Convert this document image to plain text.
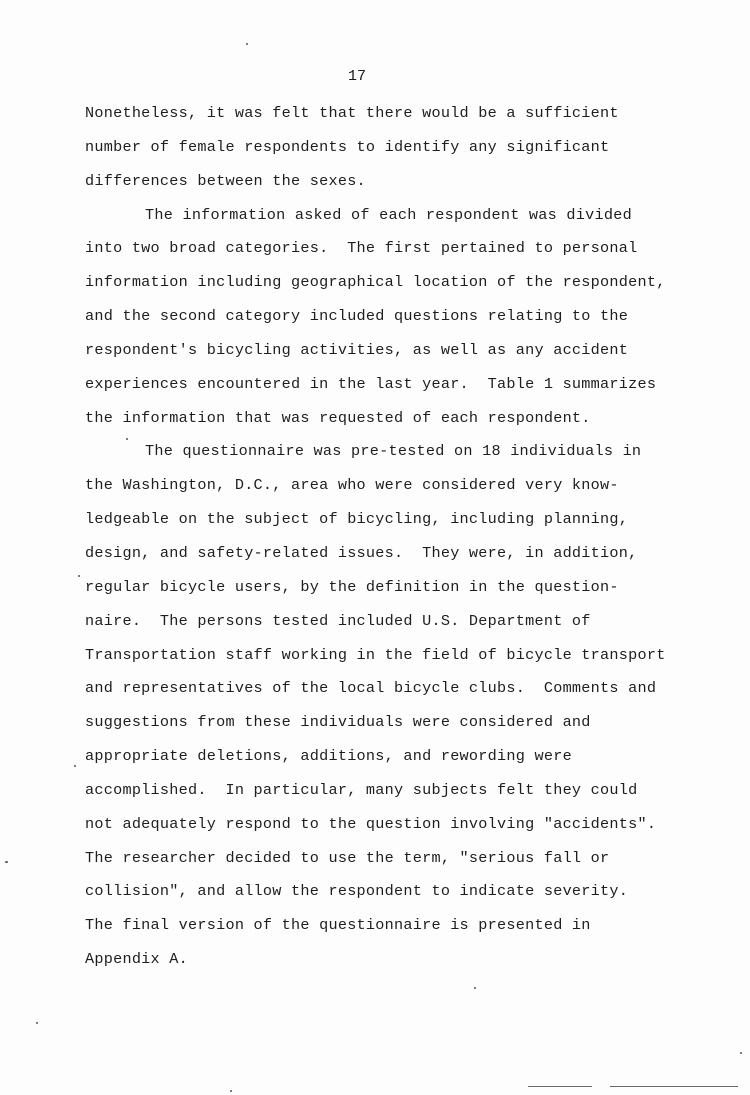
17
Nonetheless, it was felt that there would be a sufficient
number of female respondents to identify any significant
differences between the sexes.
The information asked of each respondent was divided
into two broad categories.  The first pertained to personal
information including geographical location of the respondent,
and the second category included questions relating to the
respondent's bicycling activities, as well as any accident
experiences encountered in the last year.  Table 1 summarizes
the information that was requested of each respondent.
The questionnaire was pre-tested on 18 individuals in
the Washington, D.C., area who were considered very know-
ledgeable on the subject of bicycling, including planning,
design, and safety-related issues.  They were, in addition,
regular bicycle users, by the definition in the question-
naire.  The persons tested included U.S. Department of
Transportation staff working in the field of bicycle transport
and representatives of the local bicycle clubs.  Comments and
suggestions from these individuals were considered and
appropriate deletions, additions, and rewording were
accomplished.  In particular, many subjects felt they could
not adequately respond to the question involving "accidents".
The researcher decided to use the term, "serious fall or
collision", and allow the respondent to indicate severity.
The final version of the questionnaire is presented in
Appendix A.
